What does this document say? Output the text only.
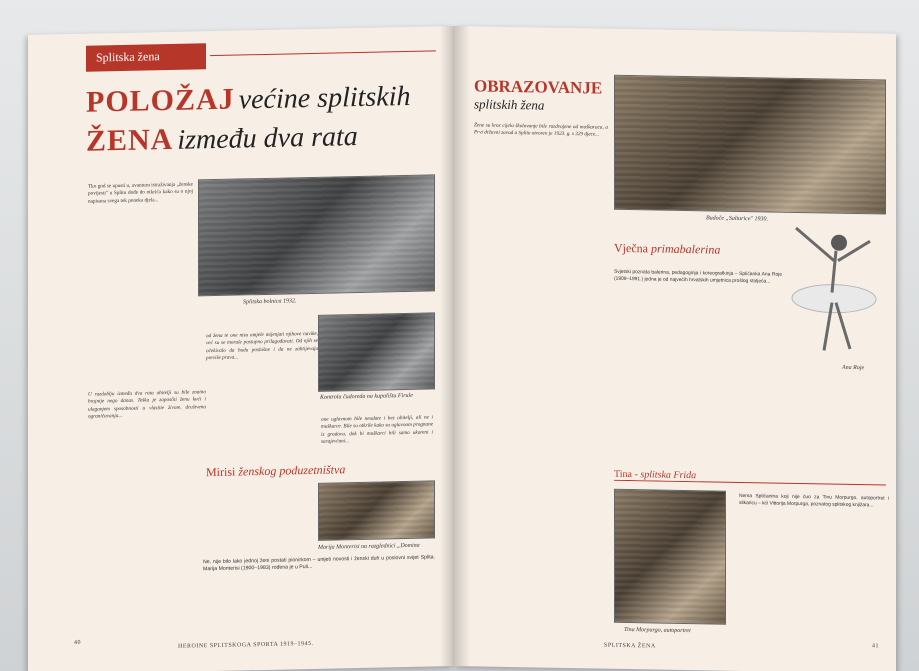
Splitska žena
POLOŽAJ većine splitskih
ŽENA između dva rata

Tko god se upusti u, avanturu istraživanja „ženske povijesti" u Splitu dođe do otkrića kako su o njoj napisana svega tek poneka djela...

Splitska bolnica 1932.
Kontrola čudoreda na kupalištu Firule

U razdoblju između dva rata obitelji su bile znatno brojnije nego danas. Teška je zaposliti ženu kući i ulaganjem sposobnosti u vlastite živote, društvena ograničavanja...

od žena te one nisu umjele mijenjati njihove navike, već su se morale postupno prilagođavati. Od njih se očekivalo da budu poslušne i da ne zahtijevaju previše prava...

one uglavnom bile neudate i bez obitelji, ali ne i muškarce. Bile su otkrile kako su uglavnom prognane iz gradova, dok bi muškarci bili samo ukoreni i sarajevčani...

Mirisi ženskog poduzetništva
Marija Monterisi na razglednici „Domina

Ne, nije bilo lako jednoj ženi postati pionirkom – unijeti novosti i ženski duh u poslovni svijet Splita. Marija Monterisi (1900–1983) rođena je u Puli...

40	HEROINE SPLITSKOGA SPORTA 1919–1945.
OBRAZOVANJE
splitskih žena

Žene su kroz cijelo školovanje bile razdvojene od muškaraca, a Prvi državni zavod u Splitu otvoren je 1923. g. s 329 djece...

Budoče „Salturice" 1930.
Vječna primabalerina

Svjetski poznata balerina, pedagoginja i koreografkinja – Splićanka Ana Roje (1909–1991.) jedna je od najvećih hrvatskih umjetnica prošlog stoljeća...

Ana Roje
Tina - splitska Frida
Tina Morpurgo, autoportret

Nema Splićanina koji nije čuo za Tinu Morpurgo, autoportret i slikaricu – kći Vittorija Morpurga, poznatog splitskog knjižara...

SPLITSKA ŽENA	41
